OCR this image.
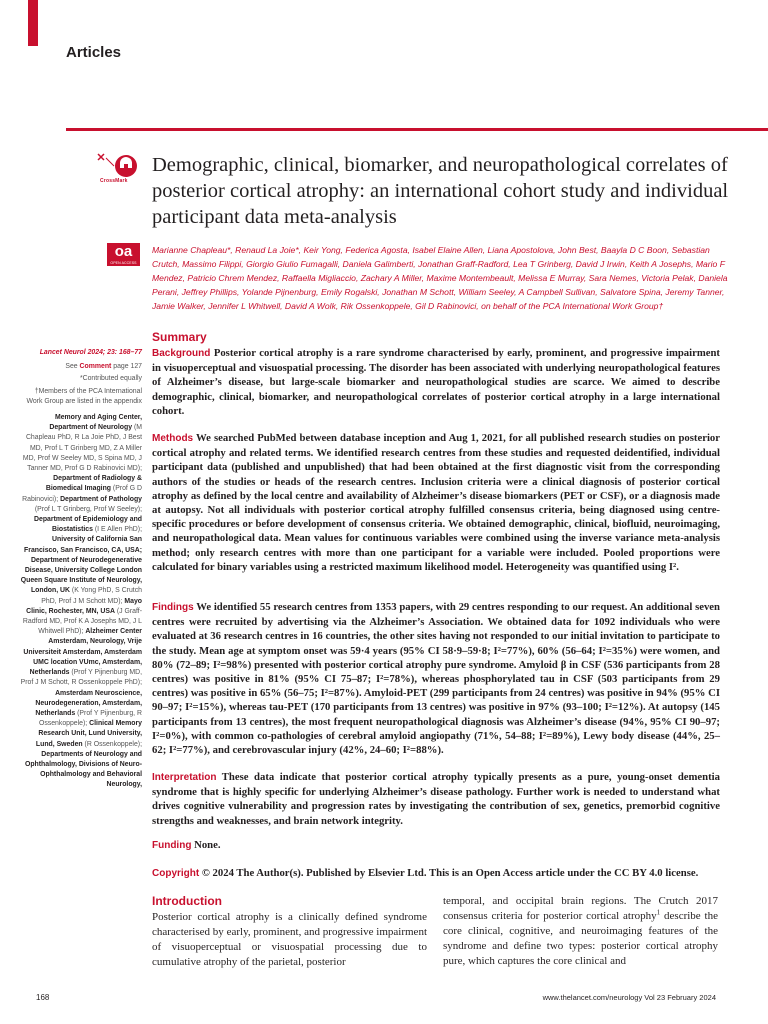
Articles
CrossMark
oa
OPEN ACCESS
Demographic, clinical, biomarker, and neuropathological correlates of posterior cortical atrophy: an international cohort study and individual participant data meta-analysis
Marianne Chapleau*, Renaud La Joie*, Keir Yong, Federica Agosta, Isabel Elaine Allen, Liana Apostolova, John Best, Baayla D C Boon, Sebastian Crutch, Massimo Filippi, Giorgio Giulio Fumagalli, Daniela Galimberti, Jonathan Graff-Radford, Lea T Grinberg, David J Irwin, Keith A Josephs, Mario F Mendez, Patricio Chrem Mendez, Raffaella Migliaccio, Zachary A Miller, Maxime Montembeault, Melissa E Murray, Sara Nemes, Victoria Pelak, Daniela Perani, Jeffrey Phillips, Yolande Pijnenburg, Emily Rogalski, Jonathan M Schott, William Seeley, A Campbell Sullivan, Salvatore Spina, Jeremy Tanner, Jamie Walker, Jennifer L Whitwell, David A Wolk, Rik Ossenkoppele, Gil D Rabinovici, on behalf of the PCA International Work Group†
Lancet Neurol 2024; 23: 168–77
See Comment page 127
*Contributed equally
†Members of the PCA International Work Group are listed in the appendix
Memory and Aging Center, Department of Neurology (M Chapleau PhD, R La Joie PhD, J Best MD, Prof L T Grinberg MD, Z A Miller MD, Prof W Seeley MD, S Spina MD, J Tanner MD, Prof G D Rabinovici MD); Department of Radiology & Biomedical Imaging (Prof G D Rabinovici); Department of Pathology (Prof L T Grinberg, Prof W Seeley); Department of Epidemiology and Biostatistics (I E Allen PhD); University of California San Francisco, San Francisco, CA, USA; Department of Neurodegenerative Disease, University College London Queen Square Institute of Neurology, London, UK (K Yong PhD, S Crutch PhD, Prof J M Schott MD); Mayo Clinic, Rochester, MN, USA (J Graff-Radford MD, Prof K A Josephs MD, J L Whitwell PhD); Alzheimer Center Amsterdam, Neurology, Vrije Universiteit Amsterdam, Amsterdam UMC location VUmc, Amsterdam, Netherlands (Prof Y Pijnenburg MD, Prof J M Schott, R Ossenkoppele PhD); Amsterdam Neuroscience, Neurodegeneration, Amsterdam, Netherlands (Prof Y Pijnenburg, R Ossenkoppele); Clinical Memory Research Unit, Lund University, Lund, Sweden (R Ossenkoppele); Departments of Neurology and Ophthalmology, Divisions of Neuro-Ophthalmology and Behavioral Neurology,
Summary
Background Posterior cortical atrophy is a rare syndrome characterised by early, prominent, and progressive impairment in visuoperceptual and visuospatial processing. The disorder has been associated with underlying neuropathological features of Alzheimer’s disease, but large-scale biomarker and neuropathological studies are scarce. We aimed to describe demographic, clinical, biomarker, and neuropathological correlates of posterior cortical atrophy in a large international cohort.
Methods We searched PubMed between database inception and Aug 1, 2021, for all published research studies on posterior cortical atrophy and related terms. We identified research centres from these studies and requested deidentified, individual participant data (published and unpublished) that had been obtained at the first diagnostic visit from the corresponding authors of the studies or heads of the research centres. Inclusion criteria were a clinical diagnosis of posterior cortical atrophy as defined by the local centre and availability of Alzheimer’s disease biomarkers (PET or CSF), or a diagnosis made at autopsy. Not all individuals with posterior cortical atrophy fulfilled consensus criteria, being diagnosed using centre-specific procedures or before development of consensus criteria. We obtained demographic, clinical, biofluid, neuroimaging, and neuropathological data. Mean values for continuous variables were combined using the inverse variance meta-analysis method; only research centres with more than one participant for a variable were included. Pooled proportions were calculated for binary variables using a restricted maximum likelihood model. Heterogeneity was quantified using I².
Findings We identified 55 research centres from 1353 papers, with 29 centres responding to our request. An additional seven centres were recruited by advertising via the Alzheimer’s Association. We obtained data for 1092 individuals who were evaluated at 36 research centres in 16 countries, the other sites having not responded to our initial invitation to participate to the study. Mean age at symptom onset was 59·4 years (95% CI 58·9–59·8; I²=77%), 60% (56–64; I²=35%) were women, and 80% (72–89; I²=98%) presented with posterior cortical atrophy pure syndrome. Amyloid β in CSF (536 participants from 28 centres) was positive in 81% (95% CI 75–87; I²=78%), whereas phosphorylated tau in CSF (503 participants from 29 centres) was positive in 65% (56–75; I²=87%). Amyloid-PET (299 participants from 24 centres) was positive in 94% (95% CI 90–97; I²=15%), whereas tau-PET (170 participants from 13 centres) was positive in 97% (93–100; I²=12%). At autopsy (145 participants from 13 centres), the most frequent neuropathological diagnosis was Alzheimer’s disease (94%, 95% CI 90–97; I²=0%), with common co-pathologies of cerebral amyloid angiopathy (71%, 54–88; I²=89%), Lewy body disease (44%, 25–62; I²=77%), and cerebrovascular injury (42%, 24–60; I²=88%).
Interpretation These data indicate that posterior cortical atrophy typically presents as a pure, young-onset dementia syndrome that is highly specific for underlying Alzheimer’s disease pathology. Further work is needed to understand what drives cognitive vulnerability and progression rates by investigating the contribution of sex, genetics, premorbid cognitive strengths and weaknesses, and brain network integrity.
Funding None.
Copyright © 2024 The Author(s). Published by Elsevier Ltd. This is an Open Access article under the CC BY 4.0 license.
Introduction
Posterior cortical atrophy is a clinically defined syndrome characterised by early, prominent, and progressive impairment of visuoperceptual or visuospatial processing due to cumulative atrophy of the parietal, posterior
temporal, and occipital brain regions. The Crutch 2017 consensus criteria for posterior cortical atrophy$^1$ describe the core clinical, cognitive, and neuroimaging features of the syndrome and define two types: posterior cortical atrophy pure, which captures the core clinical and
168	www.thelancet.com/neurology Vol 23 February 2024
